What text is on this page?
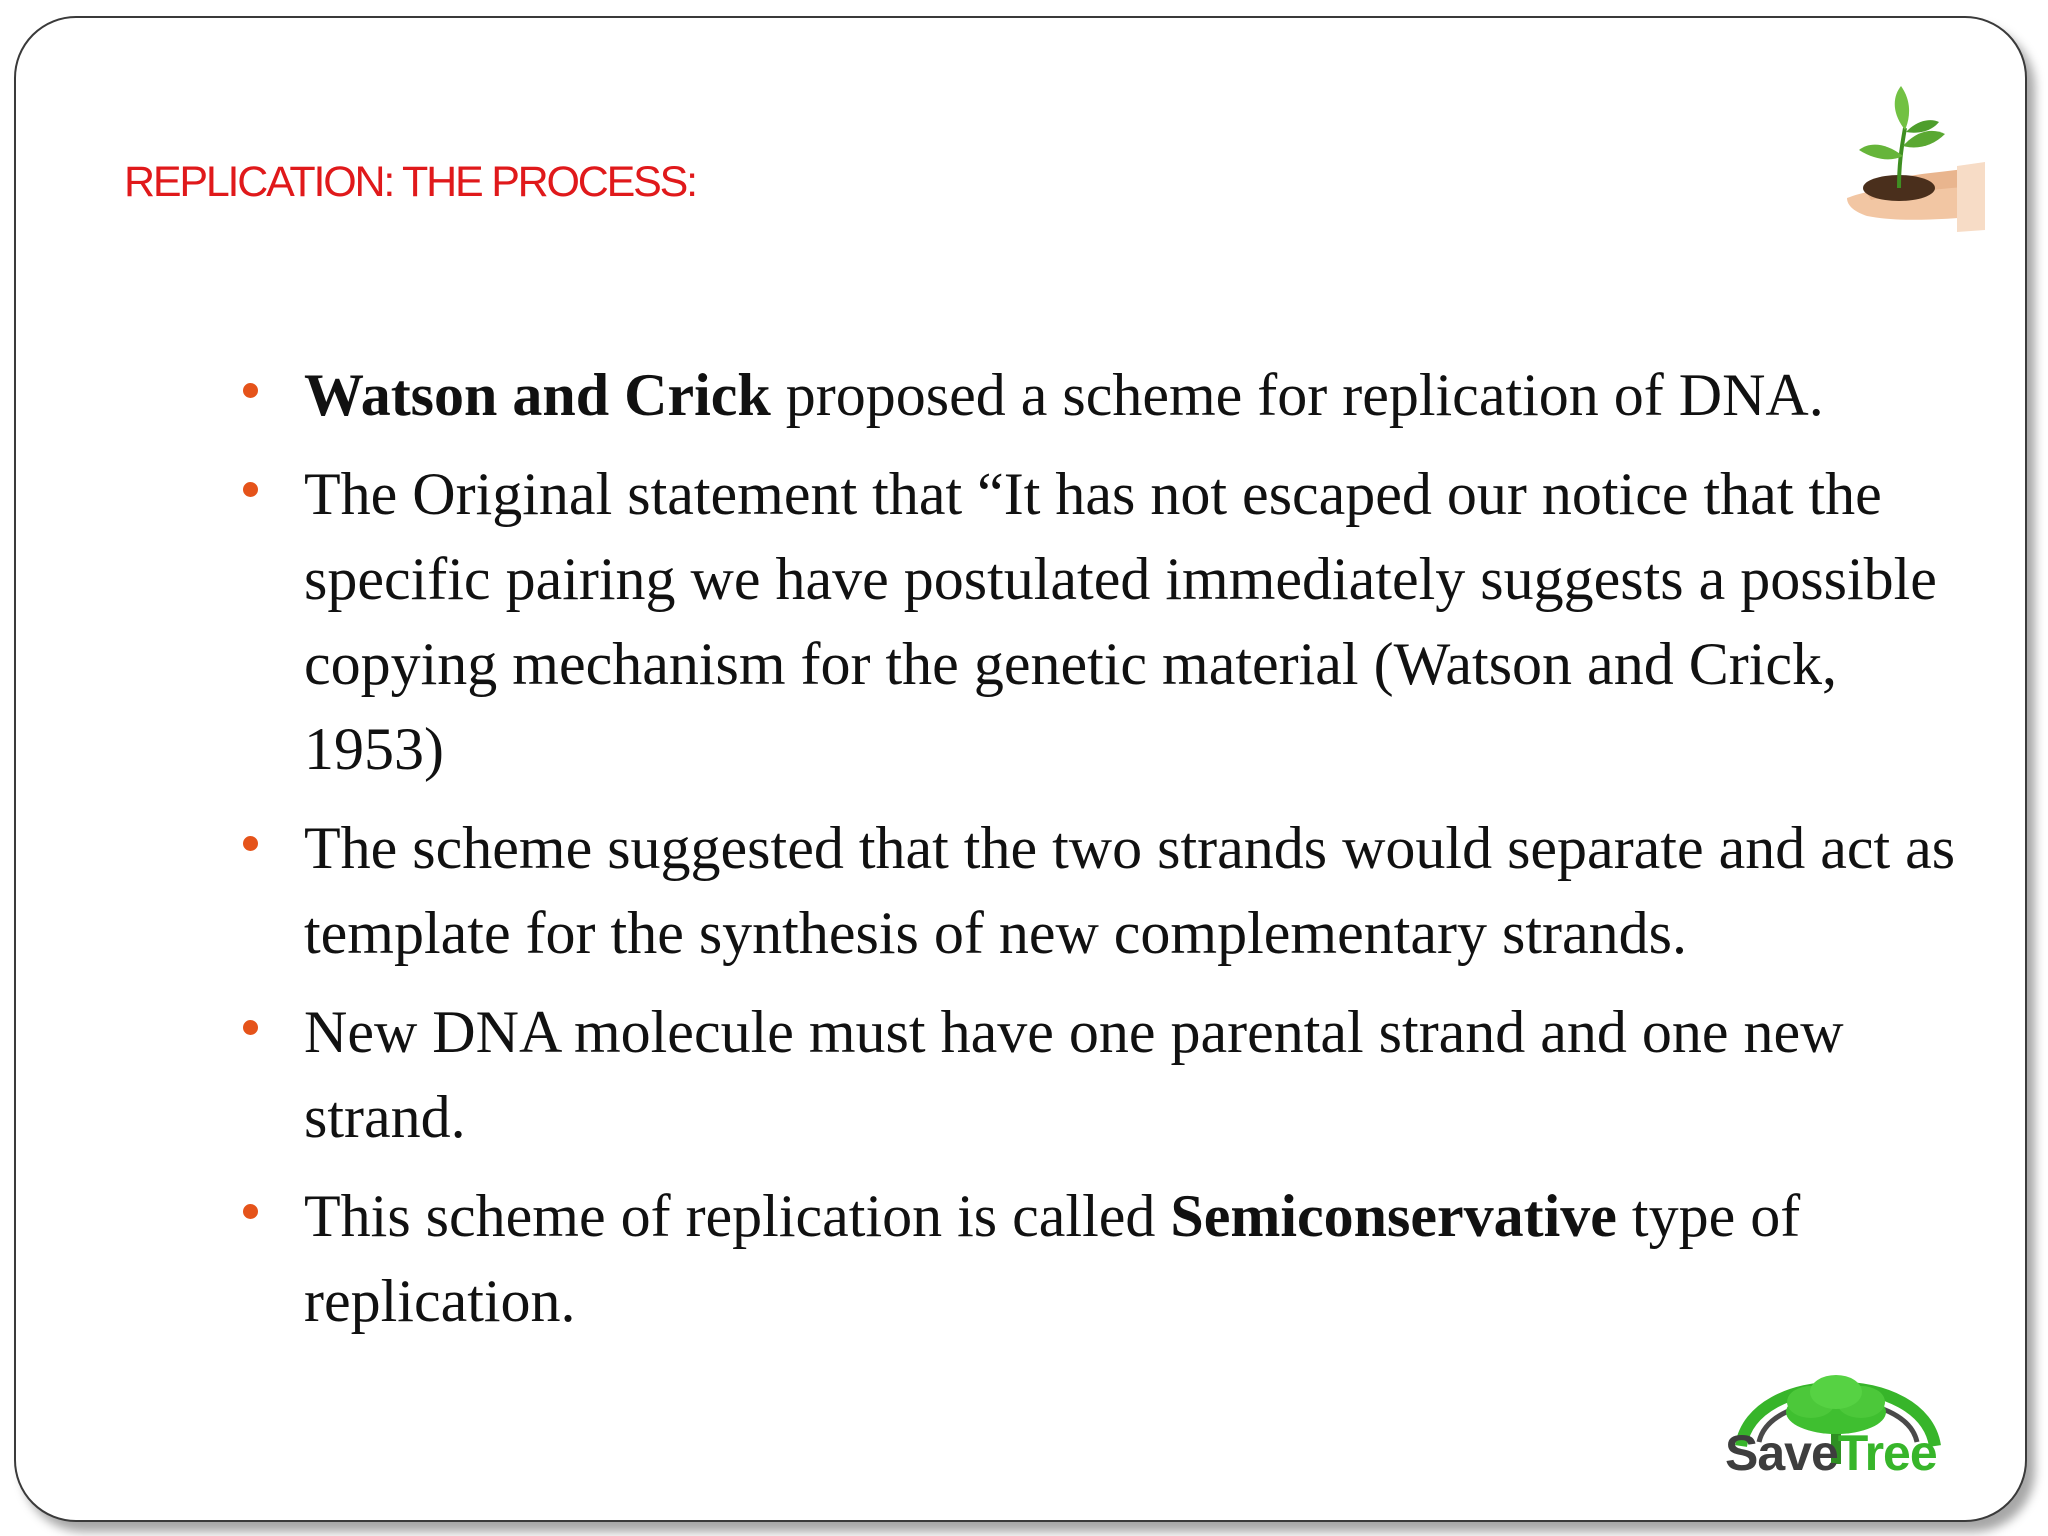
REPLICATION: THE PROCESS:
Watson and Crick proposed a scheme for replication of DNA.
The Original statement that “It has not escaped our notice that the specific pairing we have postulated immediately suggests a possible copying mechanism for the genetic material (Watson and Crick, 1953)
The scheme suggested that the two strands would separate and act as template for the synthesis of new complementary strands.
New DNA molecule must have one parental strand and one new strand.
This scheme of replication is called Semiconservative type of replication.
SaveTree
